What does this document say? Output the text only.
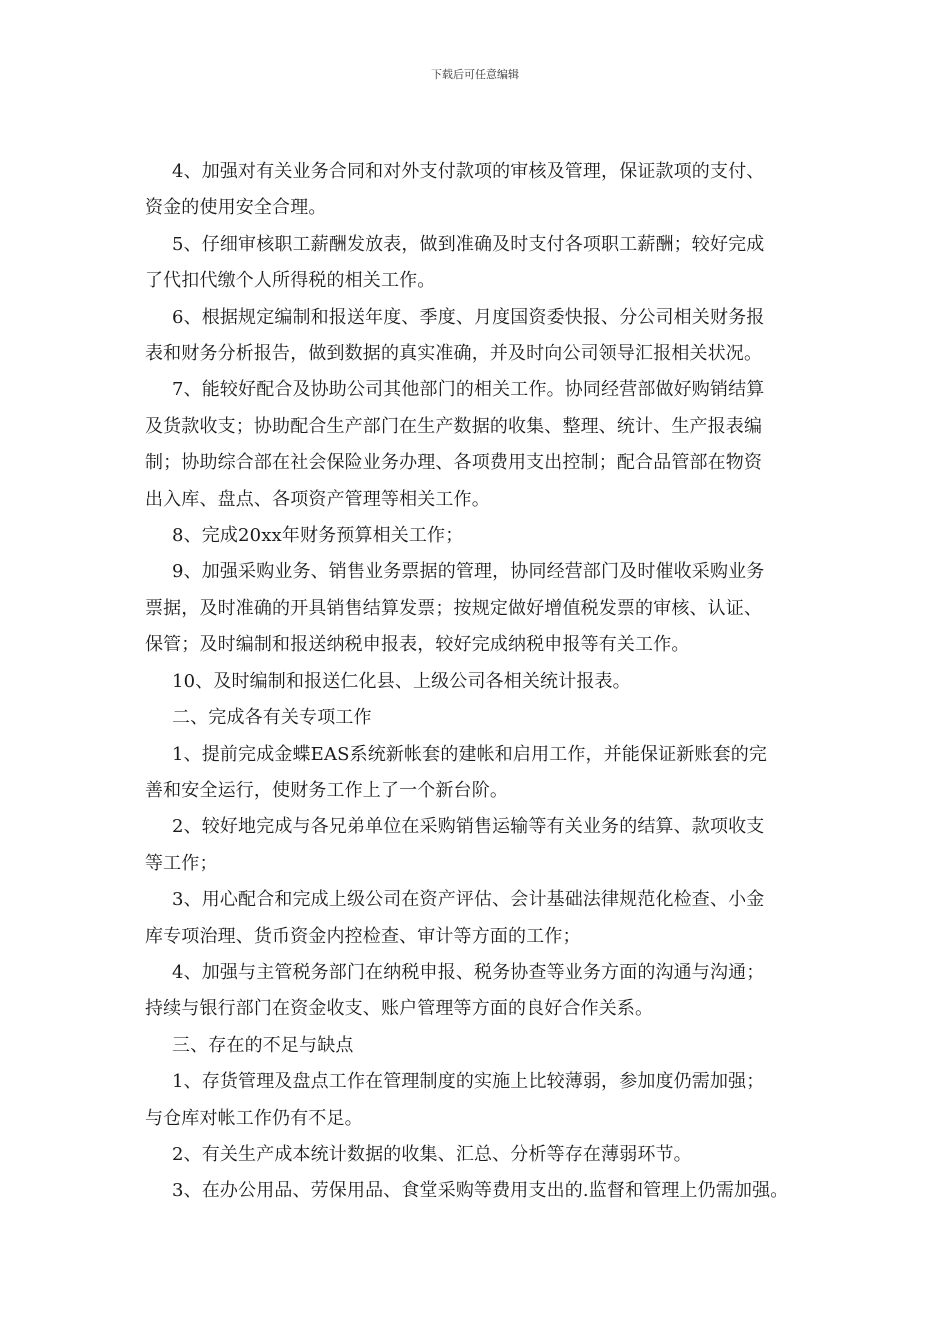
下载后可任意编辑

4、加强对有关业务合同和对外支付款项的审核及管理，保证款项的支付、
资金的使用安全合理。

5、仔细审核职工薪酬发放表，做到准确及时支付各项职工薪酬；较好完成
了代扣代缴个人所得税的相关工作。

6、根据规定编制和报送年度、季度、月度国资委快报、分公司相关财务报
表和财务分析报告，做到数据的真实准确，并及时向公司领导汇报相关状况。

7、能较好配合及协助公司其他部门的相关工作。协同经营部做好购销结算
及货款收支；协助配合生产部门在生产数据的收集、整理、统计、生产报表编
制；协助综合部在社会保险业务办理、各项费用支出控制；配合品管部在物资
出入库、盘点、各项资产管理等相关工作。

8、完成20xx年财务预算相关工作；

9、加强采购业务、销售业务票据的管理，协同经营部门及时催收采购业务
票据，及时准确的开具销售结算发票；按规定做好增值税发票的审核、认证、
保管；及时编制和报送纳税申报表，较好完成纳税申报等有关工作。

10、及时编制和报送仁化县、上级公司各相关统计报表。

二、完成各有关专项工作

1、提前完成金蝶EAS系统新帐套的建帐和启用工作，并能保证新账套的完
善和安全运行，使财务工作上了一个新台阶。

2、较好地完成与各兄弟单位在采购销售运输等有关业务的结算、款项收支
等工作；

3、用心配合和完成上级公司在资产评估、会计基础法律规范化检查、小金
库专项治理、货币资金内控检查、审计等方面的工作；

4、加强与主管税务部门在纳税申报、税务协查等业务方面的沟通与沟通；
持续与银行部门在资金收支、账户管理等方面的良好合作关系。

三、存在的不足与缺点

1、存货管理及盘点工作在管理制度的实施上比较薄弱，参加度仍需加强；
与仓库对帐工作仍有不足。

2、有关生产成本统计数据的收集、汇总、分析等存在薄弱环节。

3、在办公用品、劳保用品、食堂采购等费用支出的.监督和管理上仍需加强。
